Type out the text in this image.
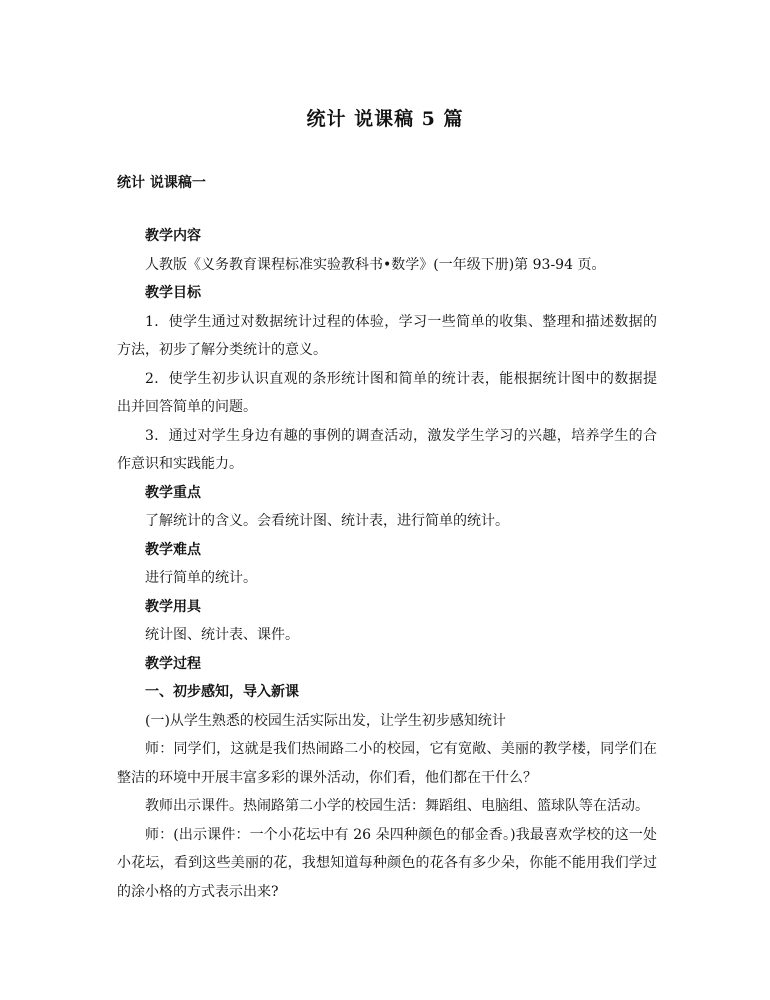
统计 说课稿 5 篇
统计 说课稿一

教学内容

人教版《义务教育课程标准实验教科书•数学》(一年级下册)第 93-94 页。

教学目标

1．使学生通过对数据统计过程的体验，学习一些简单的收集、整理和描述数据的方法，初步了解分类统计的意义。

2．使学生初步认识直观的条形统计图和简单的统计表，能根据统计图中的数据提出并回答简单的问题。

3．通过对学生身边有趣的事例的调查活动，激发学生学习的兴趣，培养学生的合作意识和实践能力。

教学重点

了解统计的含义。会看统计图、统计表，进行简单的统计。

教学难点

进行简单的统计。

教学用具

统计图、统计表、课件。

教学过程

一、初步感知，导入新课

(一)从学生熟悉的校园生活实际出发，让学生初步感知统计

师：同学们，这就是我们热闹路二小的校园，它有宽敞、美丽的教学楼，同学们在整洁的环境中开展丰富多彩的课外活动，你们看，他们都在干什么？

教师出示课件。热闹路第二小学的校园生活：舞蹈组、电脑组、篮球队等在活动。

师：(出示课件：一个小花坛中有 26 朵四种颜色的郁金香。)我最喜欢学校的这一处小花坛，看到这些美丽的花，我想知道每种颜色的花各有多少朵，你能不能用我们学过的涂小格的方式表示出来?
